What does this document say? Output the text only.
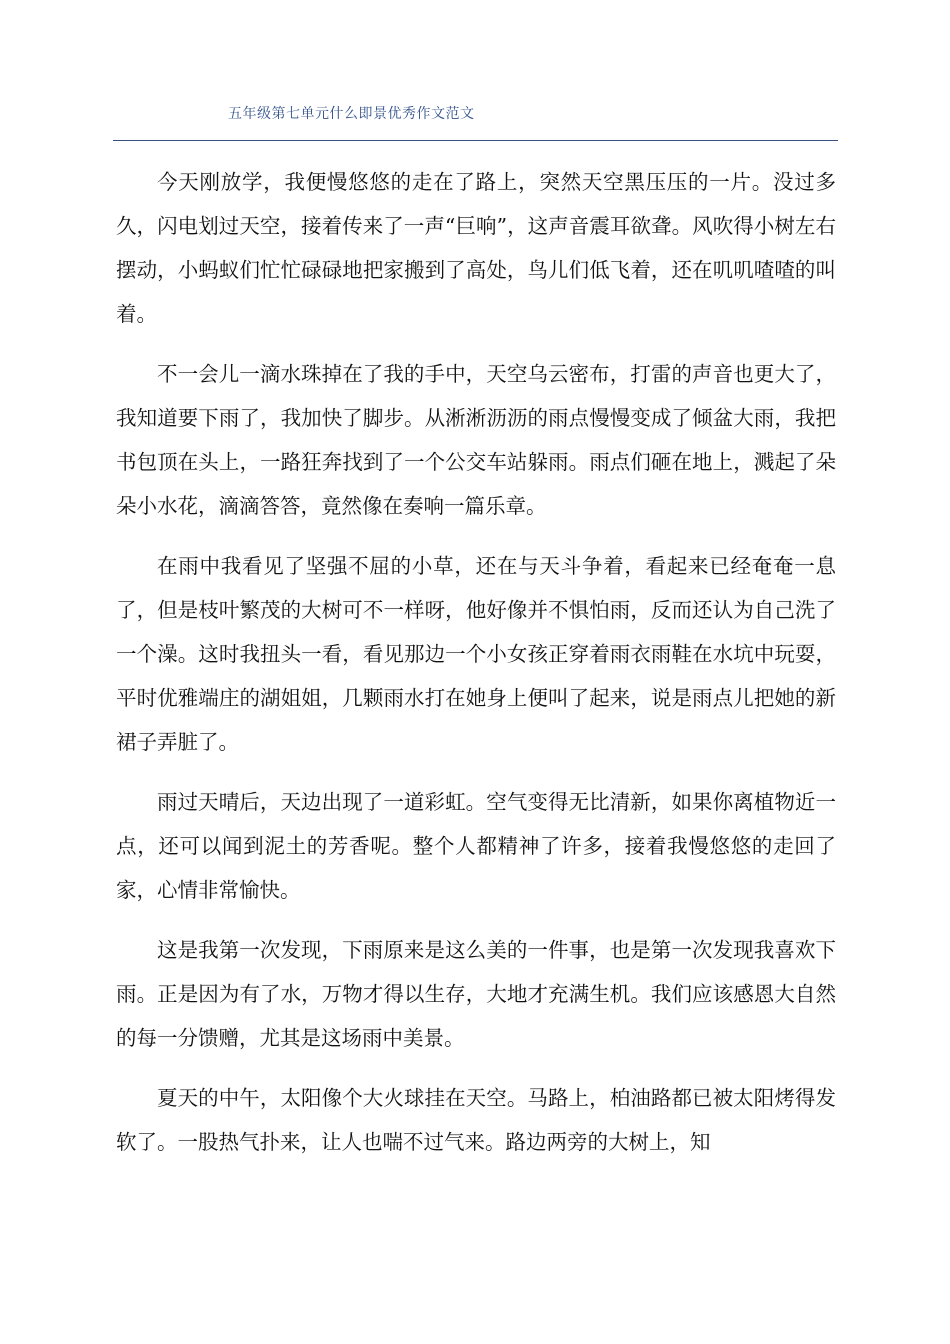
五年级第七单元什么即景优秀作文范文

今天刚放学，我便慢悠悠的走在了路上，突然天空黑压压的一片。没过多久，闪电划过天空，接着传来了一声“巨响”，这声音震耳欲聋。风吹得小树左右摆动，小蚂蚁们忙忙碌碌地把家搬到了高处，鸟儿们低飞着，还在叽叽喳喳的叫着。

不一会儿一滴水珠掉在了我的手中，天空乌云密布，打雷的声音也更大了，我知道要下雨了，我加快了脚步。从淅淅沥沥的雨点慢慢变成了倾盆大雨，我把书包顶在头上，一路狂奔找到了一个公交车站躲雨。雨点们砸在地上，溅起了朵朵小水花，滴滴答答，竟然像在奏响一篇乐章。

在雨中我看见了坚强不屈的小草，还在与天斗争着，看起来已经奄奄一息了，但是枝叶繁茂的大树可不一样呀，他好像并不惧怕雨，反而还认为自己洗了一个澡。这时我扭头一看，看见那边一个小女孩正穿着雨衣雨鞋在水坑中玩耍，平时优雅端庄的湖姐姐，几颗雨水打在她身上便叫了起来，说是雨点儿把她的新裙子弄脏了。

雨过天晴后，天边出现了一道彩虹。空气变得无比清新，如果你离植物近一点，还可以闻到泥土的芳香呢。整个人都精神了许多，接着我慢悠悠的走回了家，心情非常愉快。

这是我第一次发现，下雨原来是这么美的一件事，也是第一次发现我喜欢下雨。正是因为有了水，万物才得以生存，大地才充满生机。我们应该感恩大自然的每一分馈赠，尤其是这场雨中美景。

夏天的中午，太阳像个大火球挂在天空。马路上，柏油路都已被太阳烤得发软了。一股热气扑来，让人也喘不过气来。路边两旁的大树上，知
